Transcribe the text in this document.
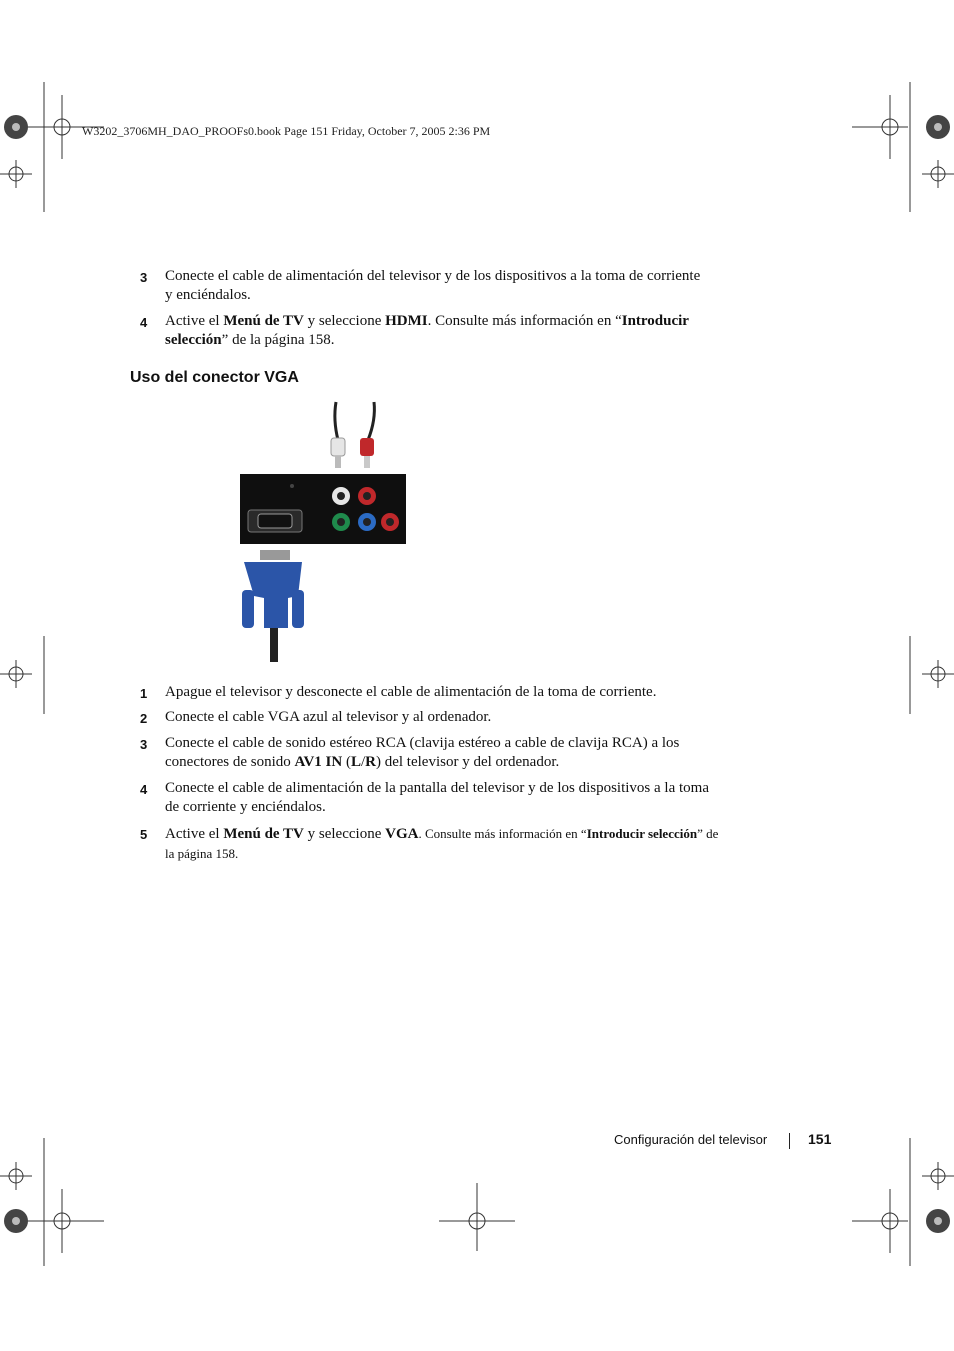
W3202_3706MH_DAO_PROOFs0.book Page 151 Friday, October 7, 2005 2:36 PM
3	Conecte el cable de alimentación del televisor y de los dispositivos a la toma de corriente
y enciéndalos.
4	Active el Menú de TV y seleccione HDMI. Consulte más información en “Introducir
selección” de la página 158.
Uso del conector VGA
1	Apague el televisor y desconecte el cable de alimentación de la toma de corriente.
2	Conecte el cable VGA azul al televisor y al ordenador.
3	Conecte el cable de sonido estéreo RCA (clavija estéreo a cable de clavija RCA) a los
conectores de sonido AV1 IN (L/R) del televisor y del ordenador.
4	Conecte el cable de alimentación de la pantalla del televisor y de los dispositivos a la toma
de corriente y enciéndalos.
5	Active el Menú de TV y seleccione VGA. Consulte más información en “Introducir selección” de
la página 158.
Configuración del televisor	151
